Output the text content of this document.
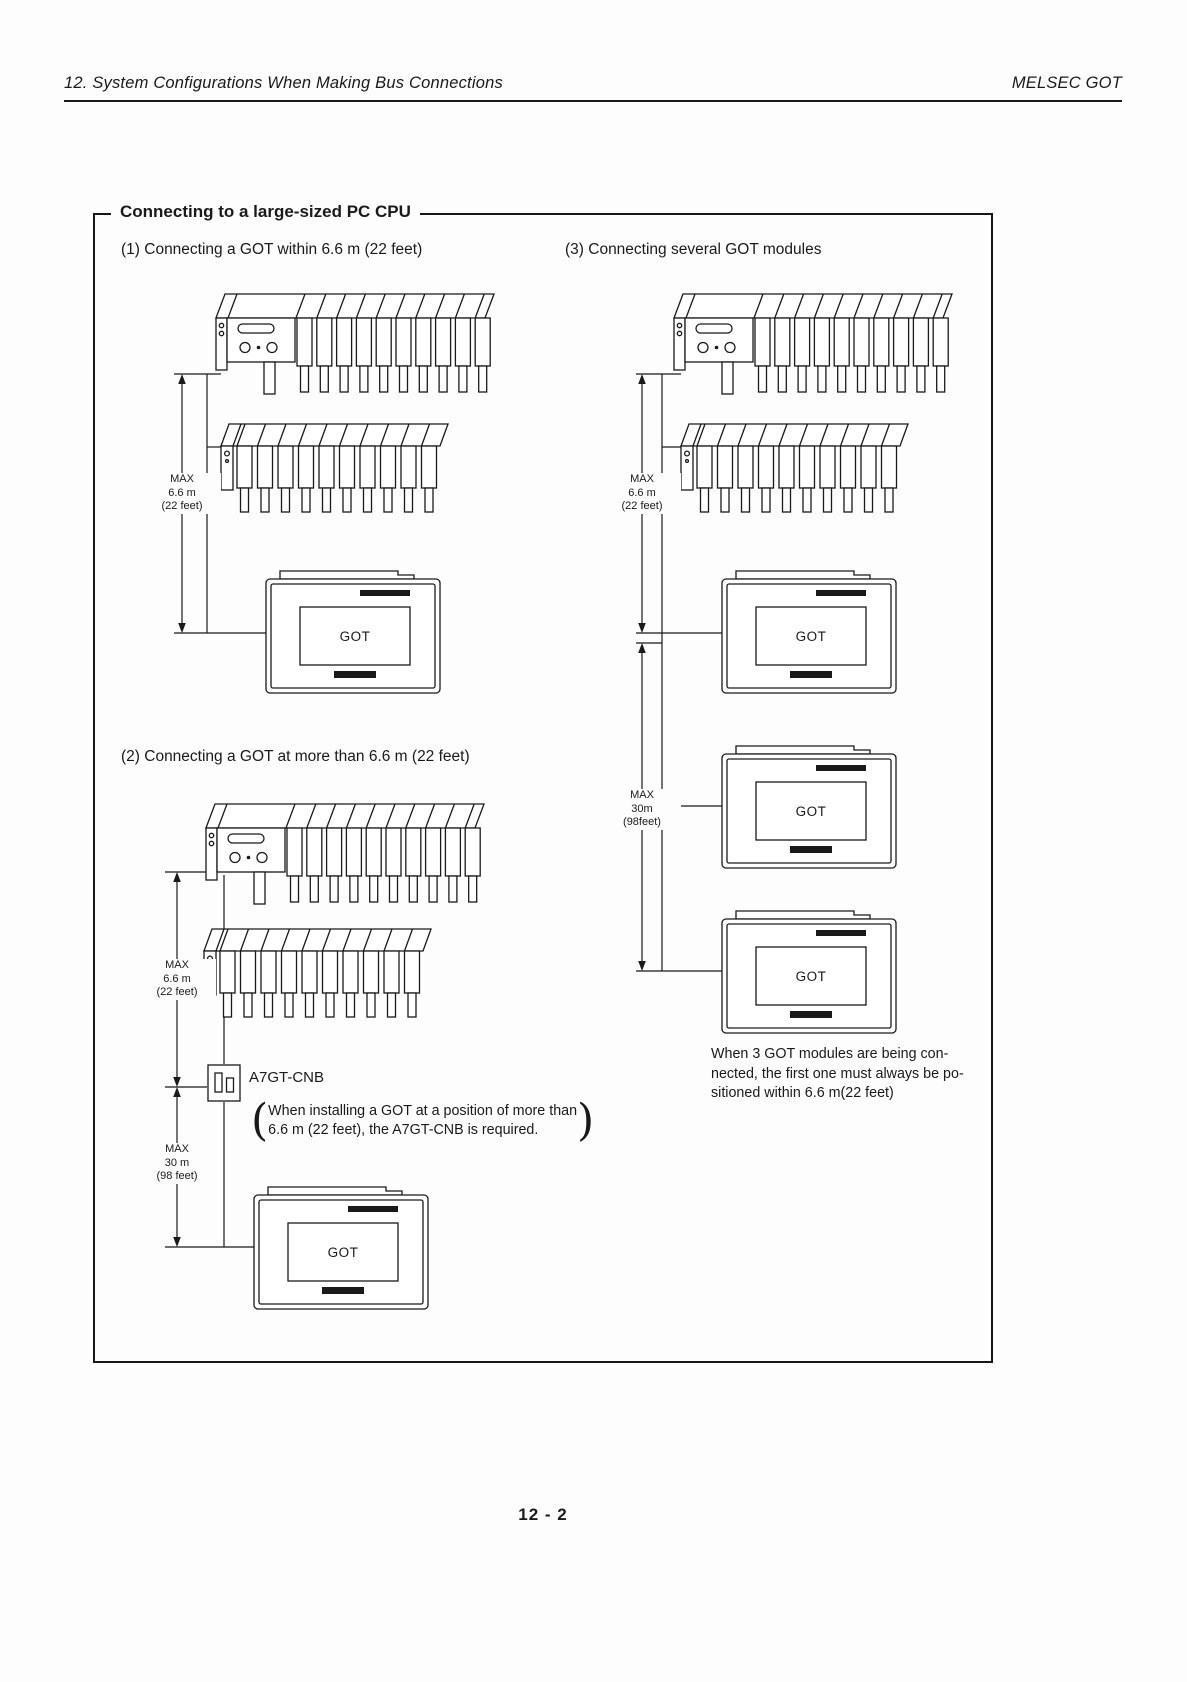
12. System Configurations When Making Bus Connections	MELSEC GOT
Connecting to a large-sized PC CPU
(1) Connecting a GOT within 6.6 m (22 feet)
MAX
6.6 m
(22 feet)
GOT
(2) Connecting a GOT at more than 6.6 m (22 feet)
MAX
6.6 m
(22 feet)
A7GT-CNB
( When installing a GOT at a position of more than
6.6 m (22 feet), the A7GT-CNB is required. )
MAX
30 m
(98 feet)
GOT
(3) Connecting several GOT modules
MAX
6.6 m
(22 feet)
GOT
MAX
30m
(98feet)
GOT
GOT
When 3 GOT modules are being con-
nected, the first one must always be po-
sitioned within 6.6 m(22 feet)
12 - 2
